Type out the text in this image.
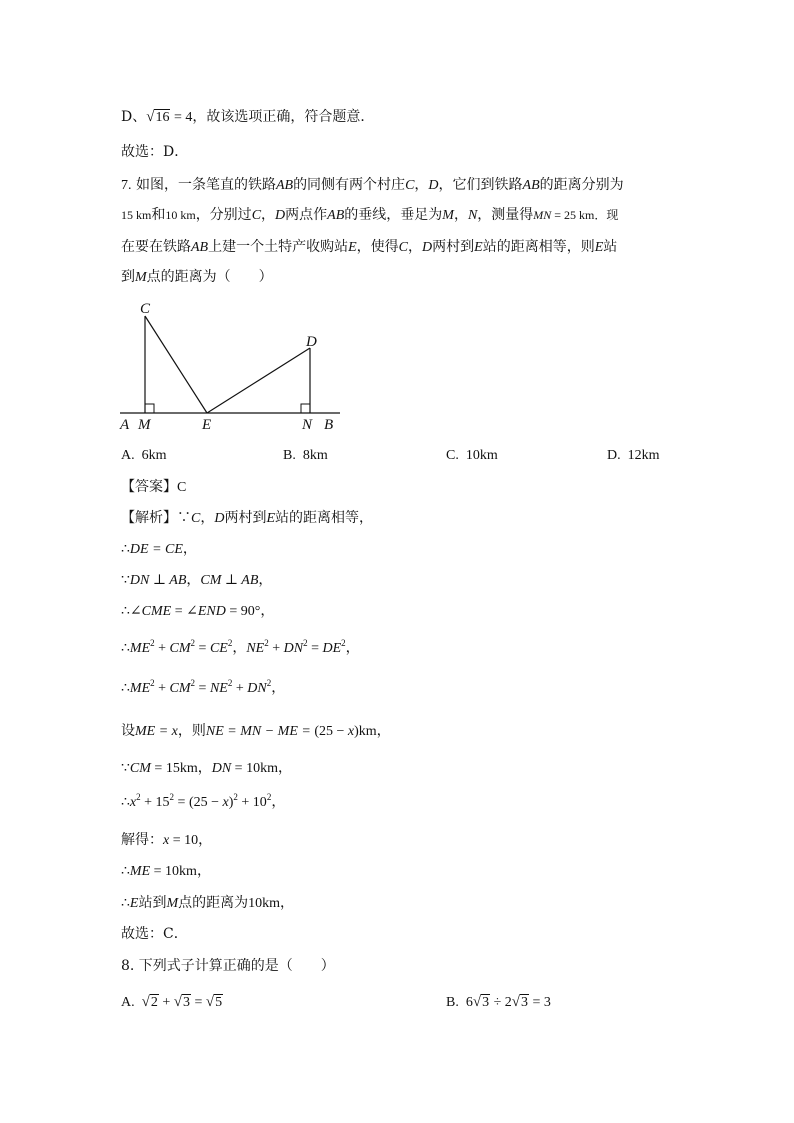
D、√16 = 4，故该选项正确，符合题意．
故选：D．
7. 如图，一条笔直的铁路AB的同侧有两个村庄C，D，它们到铁路AB的距离分别为
15 km和10 km，分别过C，D两点作AB的垂线，垂足为M，N，测量得MN = 25 km．现
在要在铁路AB上建一个土特产收购站E，使得C，D两村到E站的距离相等，则E站
到M点的距离为（　　）
C
D
A M	E	N B
A. 6km	B. 8km	C. 10km	D. 12km
【答案】C
【解析】∵C，D两村到E站的距离相等，
∴DE = CE，
∵DN ⊥ AB，CM ⊥ AB，
∴∠CME = ∠END = 90°，
$\therefore ME^2 + CM^2 = CE^2$，$NE^2 + DN^2 = DE^2$，
$\therefore ME^2 + CM^2 = NE^2 + DN^2$，
设ME = x，则NE = MN − ME = (25 − x)km，
∵CM = 15km，DN = 10km，
$\therefore x^2 + 15^2 = (25 - x)^2 + 10^2$，
解得：x = 10，
∴ME = 10km，
∴E站到M点的距离为10km，
故选：C．
8. 下列式子计算正确的是（　　）
A. √2 + √3 = √5	B. 6√3 ÷ 2√3 = 3
